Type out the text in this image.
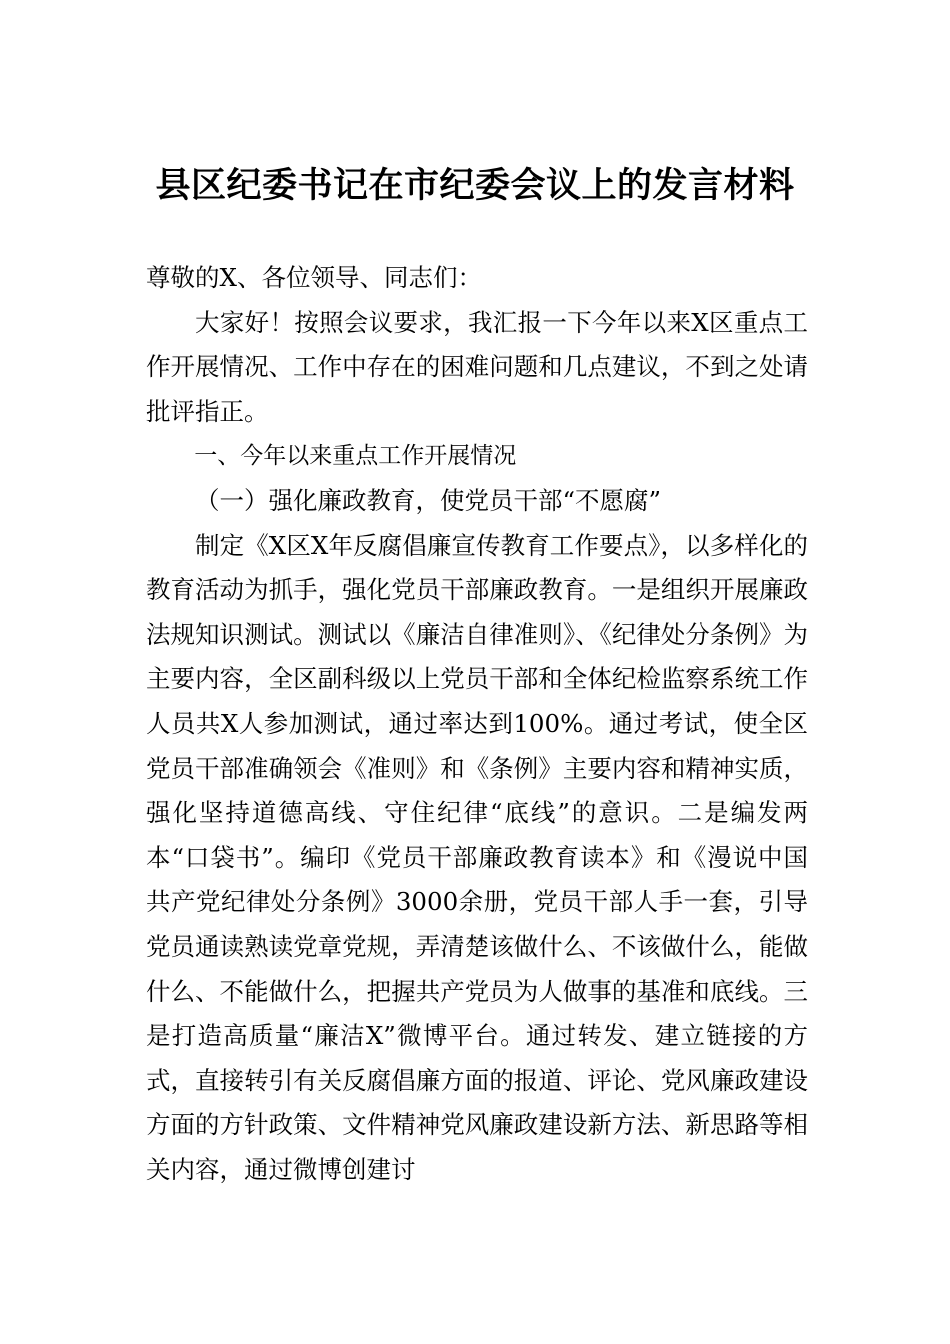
县区纪委书记在市纪委会议上的发言材料

尊敬的X、各位领导、同志们：

大家好！按照会议要求，我汇报一下今年以来X区重点工作开展情况、工作中存在的困难问题和几点建议，不到之处请批评指正。

一、今年以来重点工作开展情况

（一）强化廉政教育，使党员干部“不愿腐”

制定《X区X年反腐倡廉宣传教育工作要点》，以多样化的教育活动为抓手，强化党员干部廉政教育。一是组织开展廉政法规知识测试。测试以《廉洁自律准则》、《纪律处分条例》为主要内容，全区副科级以上党员干部和全体纪检监察系统工作人员共X人参加测试，通过率达到100%。通过考试，使全区党员干部准确领会《准则》和《条例》主要内容和精神实质，强化坚持道德高线、守住纪律“底线”的意识。二是编发两本“口袋书”。编印《党员干部廉政教育读本》和《漫说中国共产党纪律处分条例》3000余册，党员干部人手一套，引导党员通读熟读党章党规，弄清楚该做什么、不该做什么，能做什么、不能做什么，把握共产党员为人做事的基准和底线。三是打造高质量“廉洁X”微博平台。通过转发、建立链接的方式，直接转引有关反腐倡廉方面的报道、评论、党风廉政建设方面的方针政策、文件精神党风廉政建设新方法、新思路等相关内容，通过微博创建讨
